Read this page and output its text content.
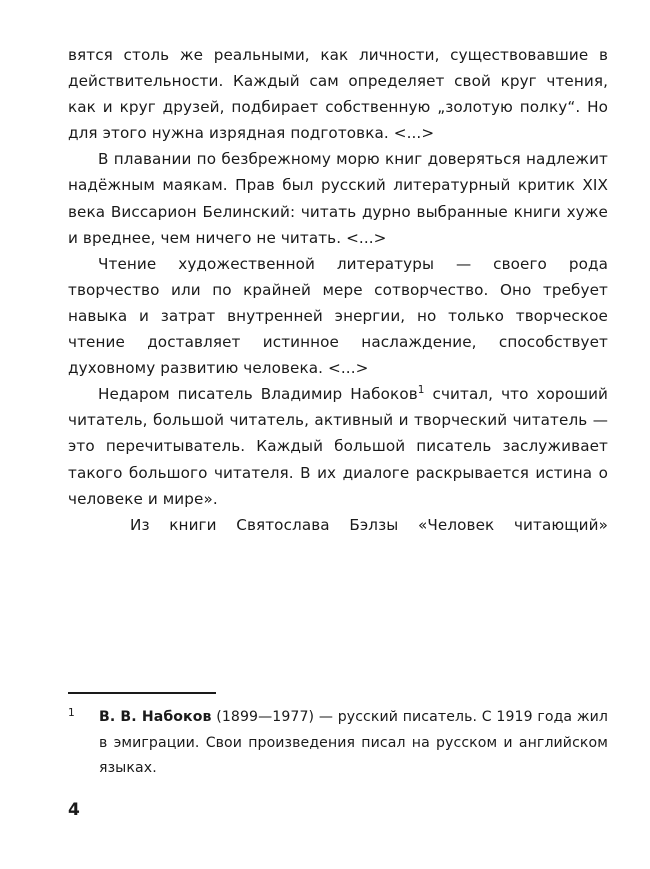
вятся столь же реальными, как личности, существовавшие в действительности. Каждый сам определяет свой круг чтения, как и круг друзей, подбирает собственную „золотую полку“. Но для этого нужна изрядная подготовка. <...>

В плавании по безбрежному морю книг доверяться надлежит надёжным маякам. Прав был русский литературный критик XIX века Виссарион Белинский: читать дурно выбранные книги хуже и вреднее, чем ничего не читать. <...>

Чтение художественной литературы — своего рода творчество или по крайней мере сотворчество. Оно требует навыка и затрат внутренней энергии, но только творческое чтение доставляет истинное наслаждение, способствует духовному развитию человека. <...>

Недаром писатель Владимир Набоков$^1$ считал, что хороший читатель, большой читатель, активный и творческий читатель — это перечитыватель. Каждый большой писатель заслуживает такого большого читателя. В их диалоге раскрывается истина о человеке и мире».

Из книги Святослава Бэлзы «Человек читающий»

1 В. В. Набоков (1899—1977) — русский писатель. С 1919 года жил в эмиграции. Свои произведения писал на русском и английском языках.
4
